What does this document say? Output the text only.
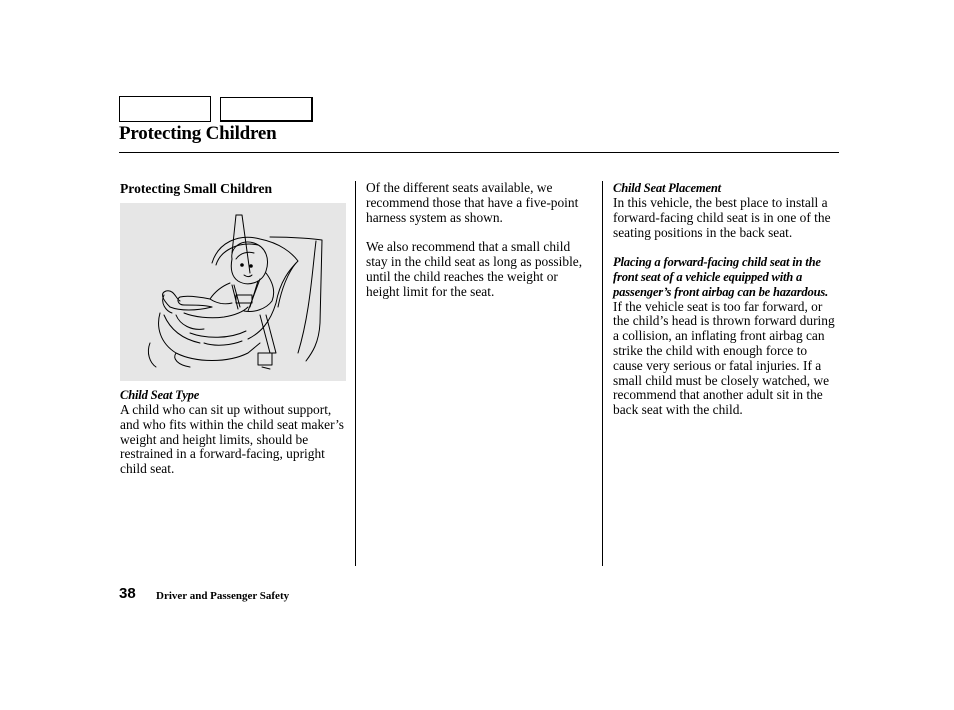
Protecting Children
Protecting Small Children

Child Seat Type

A child who can sit up without support, and who fits within the child seat maker’s weight and height limits, should be restrained in a forward-facing, upright child seat.

Of the different seats available, we recommend those that have a five-point harness system as shown.

We also recommend that a small child stay in the child seat as long as possible, until the child reaches the weight or height limit for the seat.

Child Seat Placement

In this vehicle, the best place to install a forward-facing child seat is in one of the seating positions in the back seat.

Placing a forward-facing child seat in the front seat of a vehicle equipped with a passenger’s front airbag can be hazardous. If the vehicle seat is too far forward, or the child’s head is thrown forward during a collision, an inflating front airbag can strike the child with enough force to cause very serious or fatal injuries. If a small child must be closely watched, we recommend that another adult sit in the back seat with the child.

38 Driver and Passenger Safety
